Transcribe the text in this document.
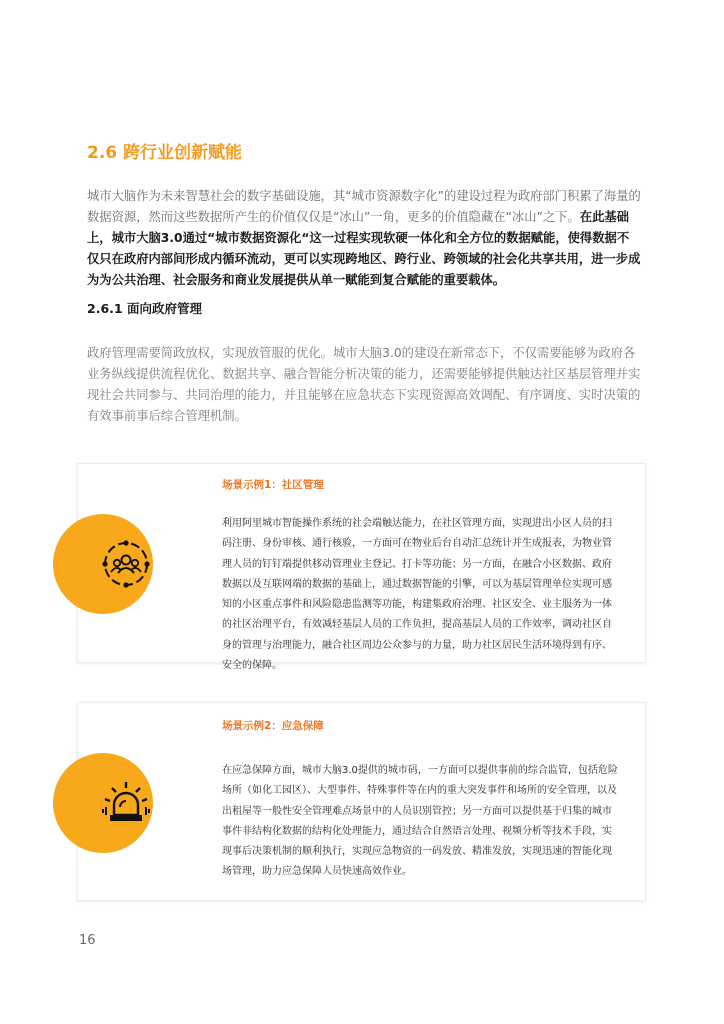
2.6 跨行业创新赋能

城市大脑作为未来智慧社会的数字基础设施，其“城市资源数字化”的建设过程为政府部门积累了海量的数据资源，然而这些数据所产生的价值仅仅是“冰山”一角，更多的价值隐藏在“冰山”之下。在此基础上，城市大脑3.0通过“城市数据资源化“这一过程实现软硬一体化和全方位的数据赋能，使得数据不仅只在政府内部间形成内循环流动，更可以实现跨地区、跨行业、跨领域的社会化共享共用，进一步成为为公共治理、社会服务和商业发展提供从单一赋能到复合赋能的重要载体。

2.6.1 面向政府管理

政府管理需要简政放权，实现放管服的优化。城市大脑3.0的建设在新常态下，不仅需要能够为政府各业务纵线提供流程优化、数据共享、融合智能分析决策的能力，还需要能够提供触达社区基层管理并实现社会共同参与、共同治理的能力，并且能够在应急状态下实现资源高效调配、有序调度、实时决策的有效事前事后综合管理机制。

场景示例1：社区管理

利用阿里城市智能操作系统的社会端触达能力，在社区管理方面，实现进出小区人员的扫码注册、身份审核、通行核验，一方面可在物业后台自动汇总统计并生成报表，为物业管理人员的钉钉端提供移动管理业主登记、打卡等功能；另一方面，在融合小区数据、政府数据以及互联网端的数据的基础上，通过数据智能的引擎，可以为基层管理单位实现可感知的小区重点事件和风险隐患监测等功能，构建集政府治理、社区安全、业主服务为一体的社区治理平台，有效减轻基层人员的工作负担，提高基层人员的工作效率，调动社区自身的管理与治理能力，融合社区周边公众参与的力量，助力社区居民生活环境得到有序、安全的保障。

场景示例2：应急保障

在应急保障方面，城市大脑3.0提供的城市码，一方面可以提供事前的综合监管，包括危险场所（如化工园区）、大型事件、特殊事件等在内的重大突发事件和场所的安全管理，以及出租屋等一般性安全管理难点场景中的人员识别管控；另一方面可以提供基于归集的城市事件非结构化数据的结构化处理能力，通过结合自然语言处理、视频分析等技术手段，实现事后决策机制的顺利执行，实现应急物资的一码发放、精准发放，实现迅速的智能化现场管理，助力应急保障人员快速高效作业。

16
